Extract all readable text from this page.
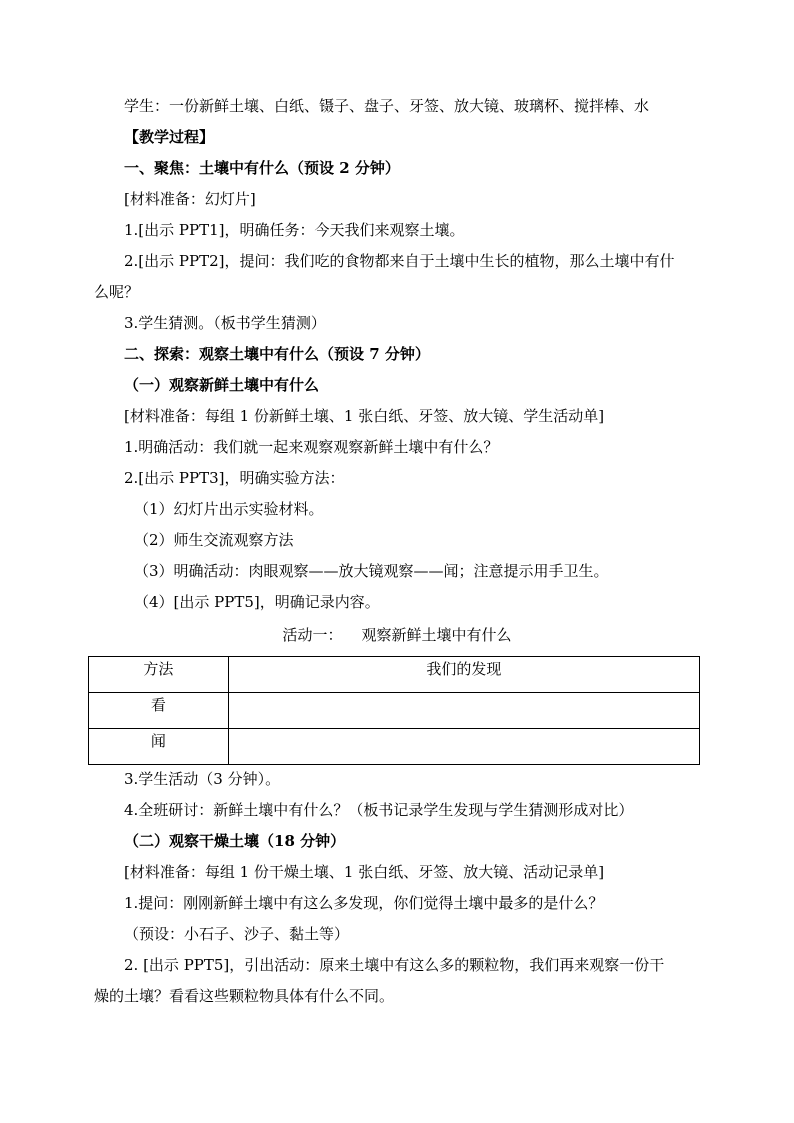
学生：一份新鲜土壤、白纸、镊子、盘子、牙签、放大镜、玻璃杯、搅拌棒、水
【教学过程】
一、聚焦：土壤中有什么（预设 2 分钟）
[材料准备：幻灯片]
1.[出示 PPT1]，明确任务：今天我们来观察土壤。
2.[出示 PPT2]，提问：我们吃的食物都来自于土壤中生长的植物，那么土壤中有什
么呢？
3.学生猜测。（板书学生猜测）
二、探索：观察土壤中有什么（预设 7 分钟）
（一）观察新鲜土壤中有什么
[材料准备：每组 1 份新鲜土壤、1 张白纸、牙签、放大镜、学生活动单]
1.明确活动：我们就一起来观察观察新鲜土壤中有什么？
2.[出示 PPT3]，明确实验方法：
（1）幻灯片出示实验材料。
（2）师生交流观察方法
（3）明确活动：肉眼观察——放大镜观察——闻；注意提示用手卫生。
（4）[出示 PPT5]，明确记录内容。
活动一：    观察新鲜土壤中有什么
方法	我们的发现
看	
闻	
3.学生活动（3 分钟）。
4.全班研讨：新鲜土壤中有什么？（板书记录学生发现与学生猜测形成对比）
（二）观察干燥土壤（18 分钟）
[材料准备：每组 1 份干燥土壤、1 张白纸、牙签、放大镜、活动记录单]
1.提问：刚刚新鲜土壤中有这么多发现，你们觉得土壤中最多的是什么？
（预设：小石子、沙子、黏土等）
2. [出示 PPT5]，引出活动：原来土壤中有这么多的颗粒物，我们再来观察一份干
燥的土壤？看看这些颗粒物具体有什么不同。
